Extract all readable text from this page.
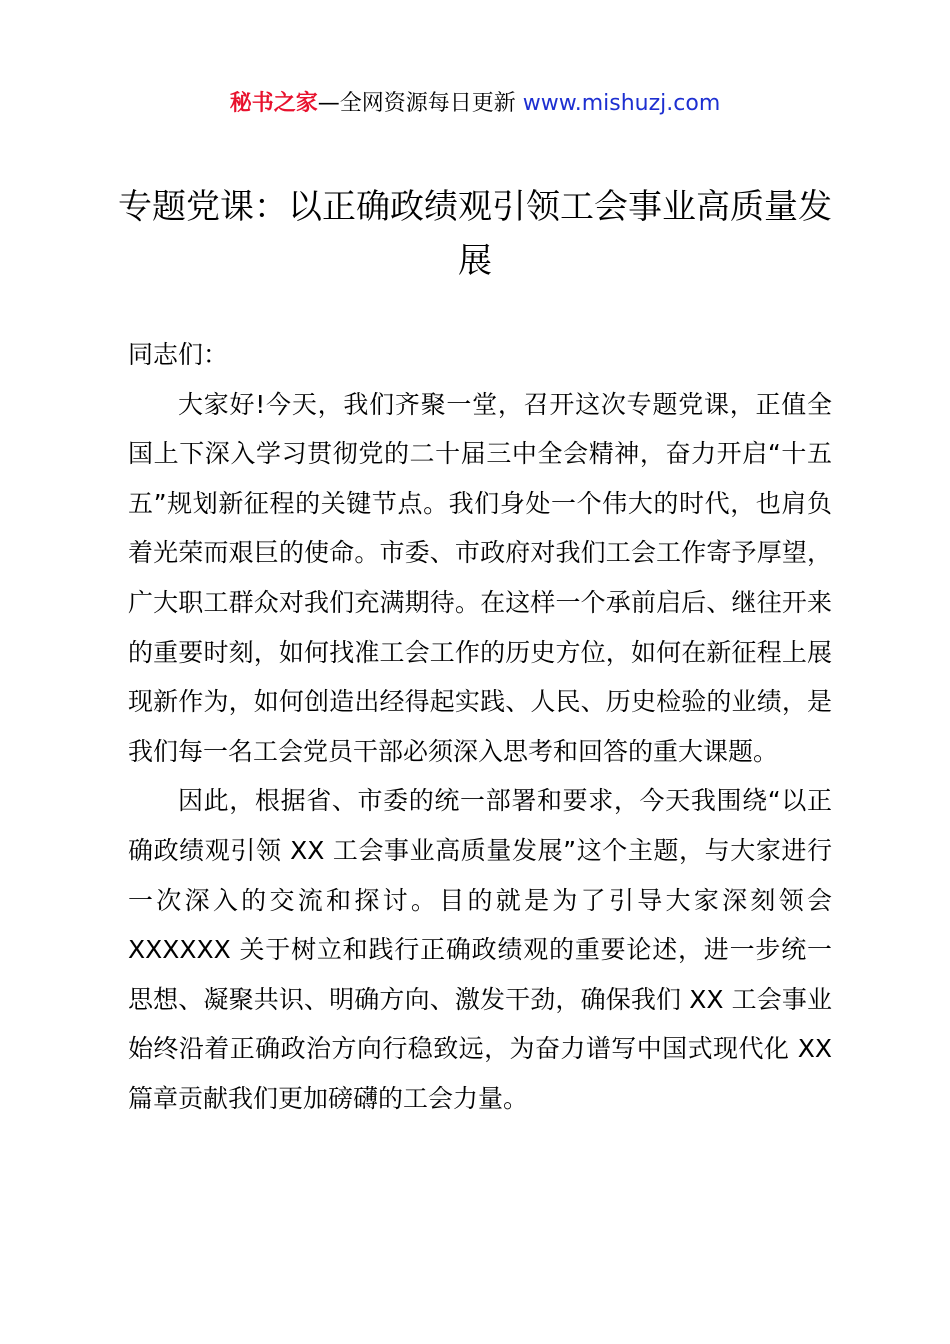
秘书之家—全网资源每日更新 www.mishuzj.com
专题党课：以正确政绩观引领工会事业高质量发展

同志们：

大家好!今天，我们齐聚一堂，召开这次专题党课，正值全国上下深入学习贯彻党的二十届三中全会精神，奋力开启“十五五”规划新征程的关键节点。我们身处一个伟大的时代，也肩负着光荣而艰巨的使命。市委、市政府对我们工会工作寄予厚望，广大职工群众对我们充满期待。在这样一个承前启后、继往开来的重要时刻，如何找准工会工作的历史方位，如何在新征程上展现新作为，如何创造出经得起实践、人民、历史检验的业绩，是我们每一名工会党员干部必须深入思考和回答的重大课题。

因此，根据省、市委的统一部署和要求，今天我围绕“以正确政绩观引领 XX 工会事业高质量发展”这个主题，与大家进行一次深入的交流和探讨。目的就是为了引导大家深刻领会 XXXXXX 关于树立和践行正确政绩观的重要论述，进一步统一思想、凝聚共识、明确方向、激发干劲，确保我们 XX 工会事业始终沿着正确政治方向行稳致远，为奋力谱写中国式现代化 XX 篇章贡献我们更加磅礴的工会力量。
